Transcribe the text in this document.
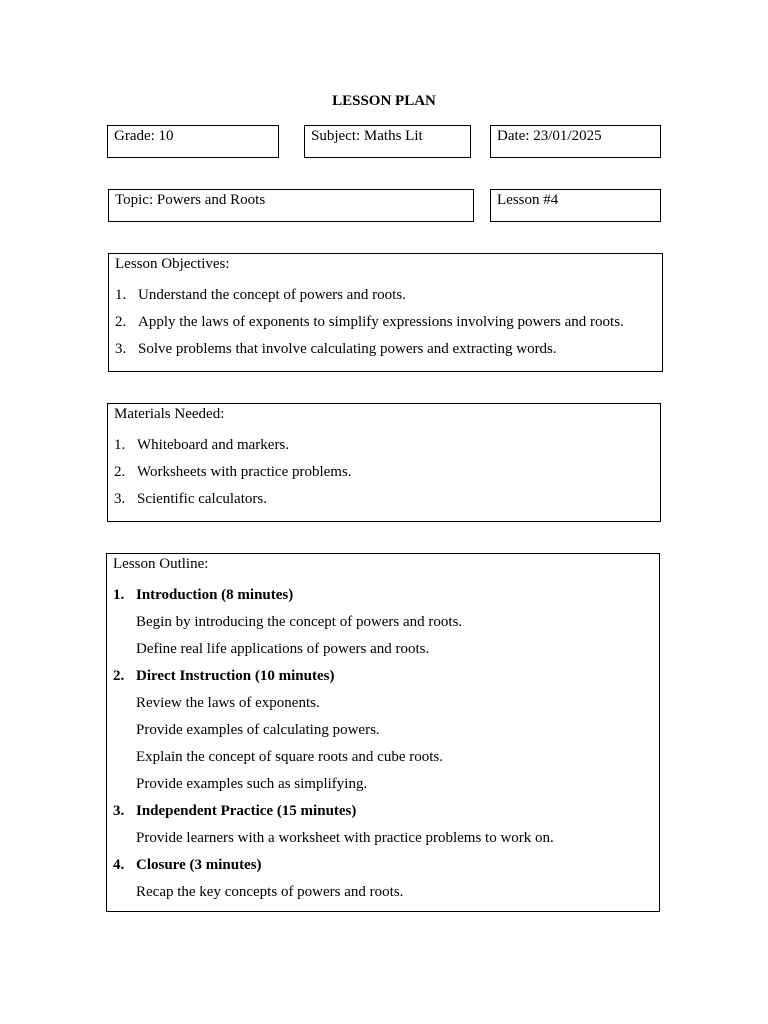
LESSON PLAN
Grade: 10	Subject: Maths Lit	Date: 23/01/2025
Topic: Powers and Roots	Lesson #4
Lesson Objectives:
1. Understand the concept of powers and roots.
2. Apply the laws of exponents to simplify expressions involving powers and roots.
3. Solve problems that involve calculating powers and extracting words.
Materials Needed:
1. Whiteboard and markers.
2. Worksheets with practice problems.
3. Scientific calculators.
Lesson Outline:
1. Introduction (8 minutes)
Begin by introducing the concept of powers and roots.
Define real life applications of powers and roots.
2. Direct Instruction (10 minutes)
Review the laws of exponents.
Provide examples of calculating powers.
Explain the concept of square roots and cube roots.
Provide examples such as simplifying.
3. Independent Practice (15 minutes)
Provide learners with a worksheet with practice problems to work on.
4. Closure (3 minutes)
Recap the key concepts of powers and roots.
